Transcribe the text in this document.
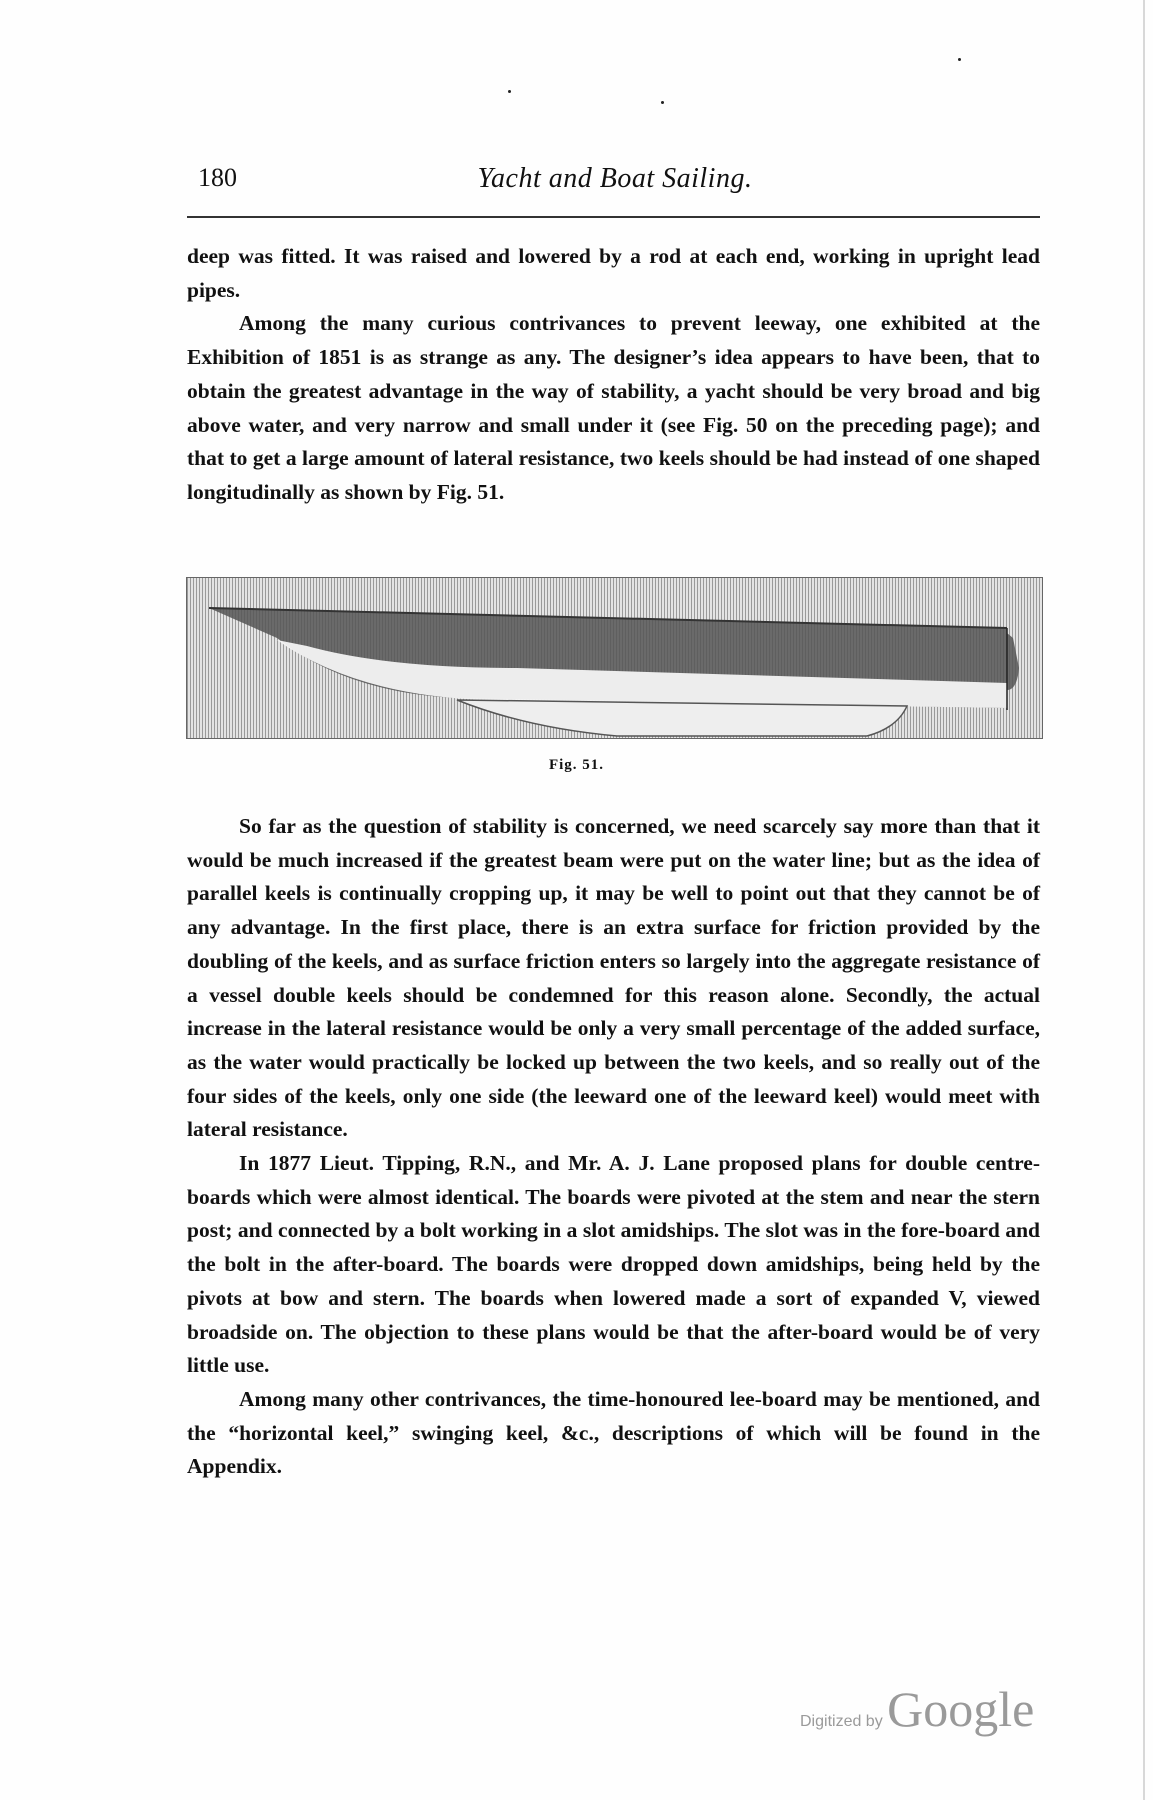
180	Yacht and Boat Sailing.

deep was fitted. It was raised and lowered by a rod at each end, working in upright lead pipes.

Among the many curious contrivances to prevent leeway, one exhibited at the Exhibition of 1851 is as strange as any. The designer’s idea appears to have been, that to obtain the greatest advantage in the way of stability, a yacht should be very broad and big above water, and very narrow and small under it (see Fig. 50 on the preceding page); and that to get a large amount of lateral resistance, two keels should be had instead of one shaped longitudinally as shown by Fig. 51.

Fig. 51.

So far as the question of stability is concerned, we need scarcely say more than that it would be much increased if the greatest beam were put on the water line; but as the idea of parallel keels is continually cropping up, it may be well to point out that they cannot be of any advantage. In the first place, there is an extra surface for friction provided by the doubling of the keels, and as surface friction enters so largely into the aggregate resistance of a vessel double keels should be condemned for this reason alone. Secondly, the actual increase in the lateral resistance would be only a very small percentage of the added surface, as the water would practically be locked up between the two keels, and so really out of the four sides of the keels, only one side (the leeward one of the leeward keel) would meet with lateral resistance.

In 1877 Lieut. Tipping, R.N., and Mr. A. J. Lane proposed plans for double centre-boards which were almost identical. The boards were pivoted at the stem and near the stern post; and connected by a bolt working in a slot amidships. The slot was in the fore-board and the bolt in the after-board. The boards were dropped down amidships, being held by the pivots at bow and stern. The boards when lowered made a sort of expanded V, viewed broadside on. The objection to these plans would be that the after-board would be of very little use.

Among many other contrivances, the time-honoured lee-board may be mentioned, and the “horizontal keel,” swinging keel, &c., descriptions of which will be found in the Appendix.

Digitized by Google
